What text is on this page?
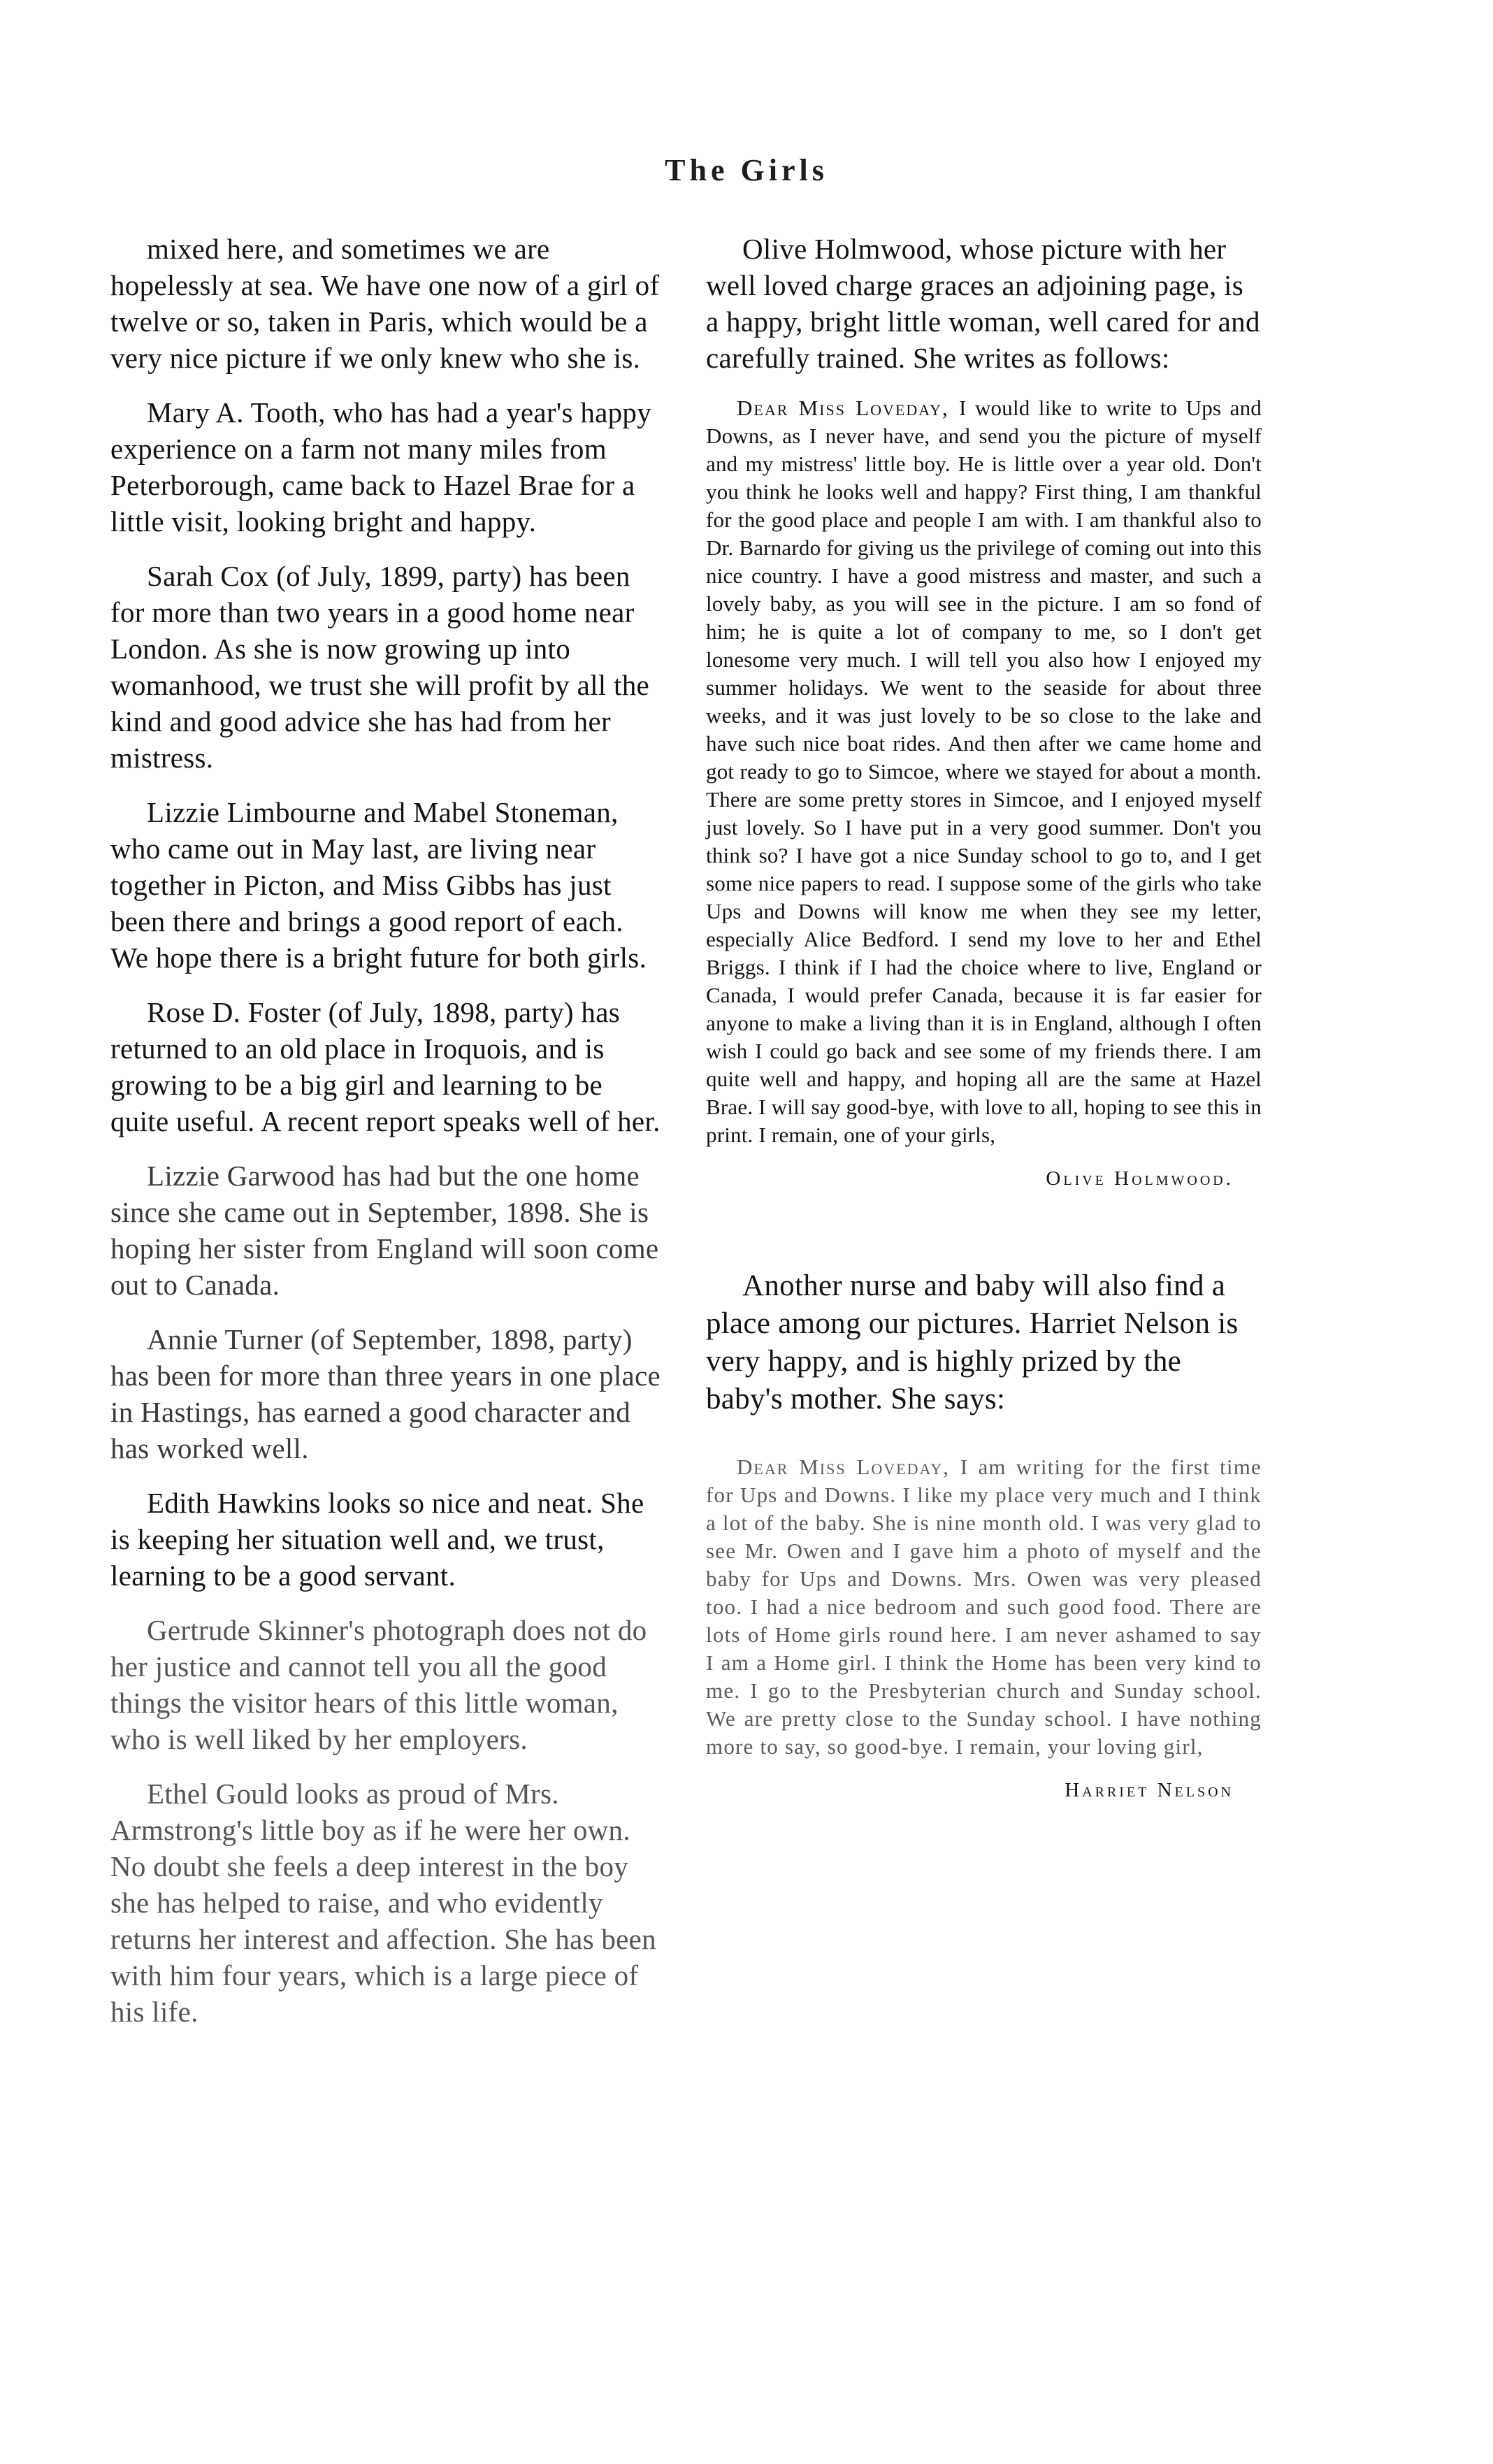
The Girls

mixed here, and sometimes we are hopelessly at sea. We have one now of a girl of twelve or so, taken in Paris, which would be a very nice picture if we only knew who she is.

Mary A. Tooth, who has had a year's happy experience on a farm not many miles from Peterborough, came back to Hazel Brae for a little visit, looking bright and happy.

Sarah Cox (of July, 1899, party) has been for more than two years in a good home near London. As she is now growing up into womanhood, we trust she will profit by all the kind and good advice she has had from her mistress.

Lizzie Limbourne and Mabel Stoneman, who came out in May last, are living near together in Picton, and Miss Gibbs has just been there and brings a good report of each. We hope there is a bright future for both girls.

Rose D. Foster (of July, 1898, party) has returned to an old place in Iroquois, and is growing to be a big girl and learning to be quite useful. A recent report speaks well of her.

Lizzie Garwood has had but the one home since she came out in September, 1898. She is hoping her sister from England will soon come out to Canada.

Annie Turner (of September, 1898, party) has been for more than three years in one place in Hastings, has earned a good character and has worked well.

Edith Hawkins looks so nice and neat. She is keeping her situation well and, we trust, learning to be a good servant.

Gertrude Skinner's photograph does not do her justice and cannot tell you all the good things the visitor hears of this little woman, who is well liked by her employers.

Ethel Gould looks as proud of Mrs. Armstrong's little boy as if he were her own. No doubt she feels a deep interest in the boy she has helped to raise, and who evidently returns her interest and affection. She has been with him four years, which is a large piece of his life.

Olive Holmwood, whose picture with her well loved charge graces an adjoining page, is a happy, bright little woman, well cared for and carefully trained. She writes as follows:

Dear Miss Loveday, I would like to write to Ups and Downs, as I never have, and send you the picture of myself and my mistress' little boy. He is little over a year old. Don't you think he looks well and happy? First thing, I am thankful for the good place and people I am with. I am thankful also to Dr. Barnardo for giving us the privilege of coming out into this nice country. I have a good mistress and master, and such a lovely baby, as you will see in the picture. I am so fond of him; he is quite a lot of company to me, so I don't get lonesome very much. I will tell you also how I enjoyed my summer holidays. We went to the seaside for about three weeks, and it was just lovely to be so close to the lake and have such nice boat rides. And then after we came home and got ready to go to Simcoe, where we stayed for about a month. There are some pretty stores in Simcoe, and I enjoyed myself just lovely. So I have put in a very good summer. Don't you think so? I have got a nice Sunday school to go to, and I get some nice papers to read. I suppose some of the girls who take Ups and Downs will know me when they see my letter, especially Alice Bedford. I send my love to her and Ethel Briggs. I think if I had the choice where to live, England or Canada, I would prefer Canada, because it is far easier for anyone to make a living than it is in England, although I often wish I could go back and see some of my friends there. I am quite well and happy, and hoping all are the same at Hazel Brae. I will say good-bye, with love to all, hoping to see this in print. I remain, one of your girls,
Olive Holmwood.

Another nurse and baby will also find a place among our pictures. Harriet Nelson is very happy, and is highly prized by the baby's mother. She says:

Dear Miss Loveday, I am writing for the first time for Ups and Downs. I like my place very much and I think a lot of the baby. She is nine month old. I was very glad to see Mr. Owen and I gave him a photo of myself and the baby for Ups and Downs. Mrs. Owen was very pleased too. I had a nice bedroom and such good food. There are lots of Home girls round here. I am never ashamed to say I am a Home girl. I think the Home has been very kind to me. I go to the Presbyterian church and Sunday school. We are pretty close to the Sunday school. I have nothing more to say, so good-bye. I remain, your loving girl,
Harriet Nelson
